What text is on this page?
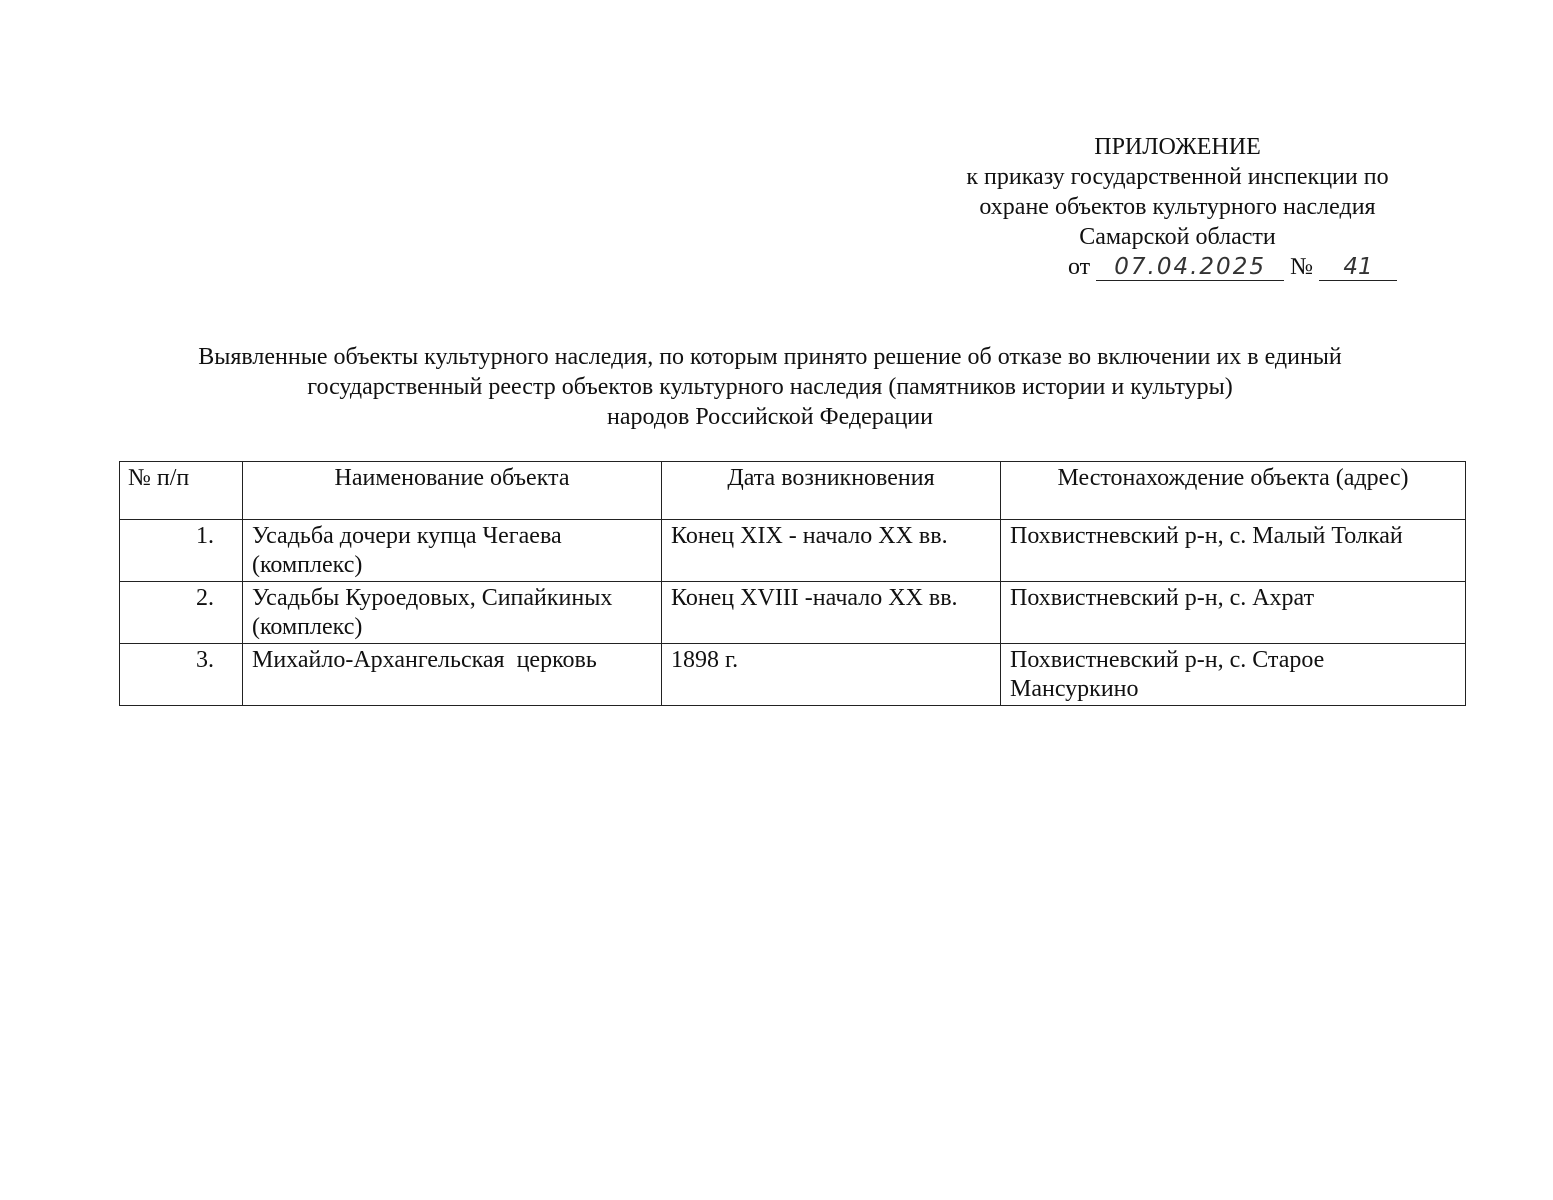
ПРИЛОЖЕНИЕ
к приказу государственной инспекции по
охране объектов культурного наследия
Самарской области
от 07.04.2025 № 41
Выявленные объекты культурного наследия, по которым принято решение об отказе во включении их в единый
государственный реестр объектов культурного наследия (памятников истории и культуры)
народов Российской Федерации
№ п/п	Наименование объекта	Дата возникновения	Местонахождение объекта (адрес)
1.	Усадьба дочери купца Чегаева (комплекс)	Конец XIX - начало XX вв.	Похвистневский р-н, с. Малый Толкай
2.	Усадьбы Куроедовых, Сипайкиных (комплекс)	Конец XVIII -начало XX вв.	Похвистневский р-н, с. Ахрат
3.	Михайло-Архангельская  церковь	1898 г.	Похвистневский р-н, с. Старое Мансуркино
